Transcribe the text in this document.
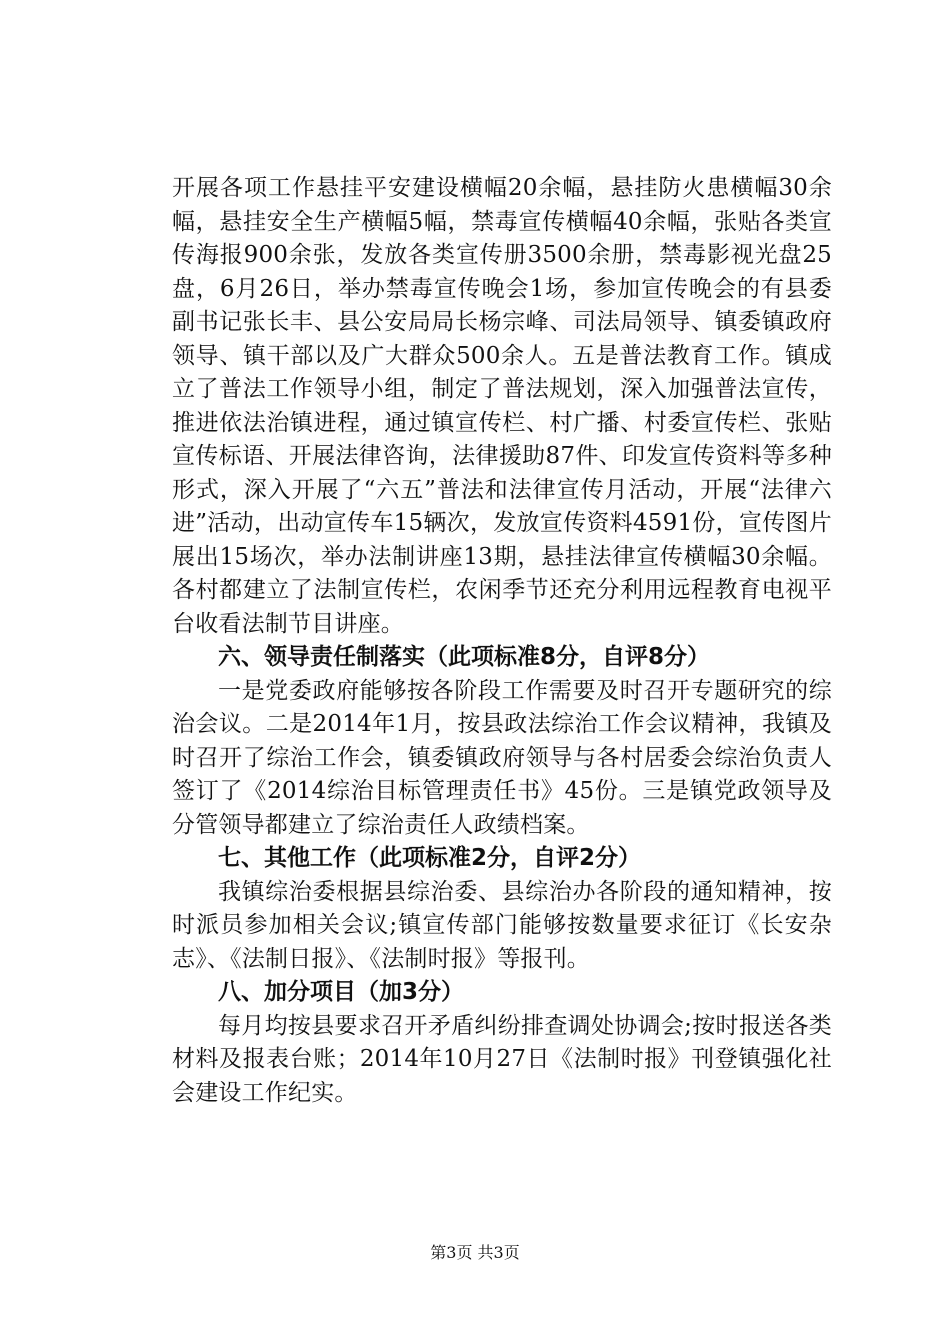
开展各项工作悬挂平安建设横幅20余幅，悬挂防火患横幅30余幅，悬挂安全生产横幅5幅，禁毒宣传横幅40余幅，张贴各类宣传海报900余张，发放各类宣传册3500余册，禁毒影视光盘25盘，6月26日，举办禁毒宣传晚会1场，参加宣传晚会的有县委副书记张长丰、县公安局局长杨宗峰、司法局领导、镇委镇政府领导、镇干部以及广大群众500余人。五是普法教育工作。镇成立了普法工作领导小组，制定了普法规划，深入加强普法宣传，推进依法治镇进程，通过镇宣传栏、村广播、村委宣传栏、张贴宣传标语、开展法律咨询，法律援助87件、印发宣传资料等多种形式，深入开展了“六五”普法和法律宣传月活动，开展“法律六进”活动，出动宣传车15辆次，发放宣传资料4591份，宣传图片展出15场次，举办法制讲座13期，悬挂法律宣传横幅30余幅。各村都建立了法制宣传栏，农闲季节还充分利用远程教育电视平台收看法制节目讲座。

六、领导责任制落实（此项标准8分，自评8分）

一是党委政府能够按各阶段工作需要及时召开专题研究的综治会议。二是2014年1月，按县政法综治工作会议精神，我镇及时召开了综治工作会，镇委镇政府领导与各村居委会综治负责人签订了《2014综治目标管理责任书》45份。三是镇党政领导及分管领导都建立了综治责任人政绩档案。

七、其他工作（此项标准2分，自评2分）

我镇综治委根据县综治委、县综治办各阶段的通知精神，按时派员参加相关会议;镇宣传部门能够按数量要求征订《长安杂志》、《法制日报》、《法制时报》等报刊。

八、加分项目（加3分）

每月均按县要求召开矛盾纠纷排查调处协调会;按时报送各类材料及报表台账；2014年10月27日《法制时报》刊登镇强化社会建设工作纪实。

第3页 共3页
